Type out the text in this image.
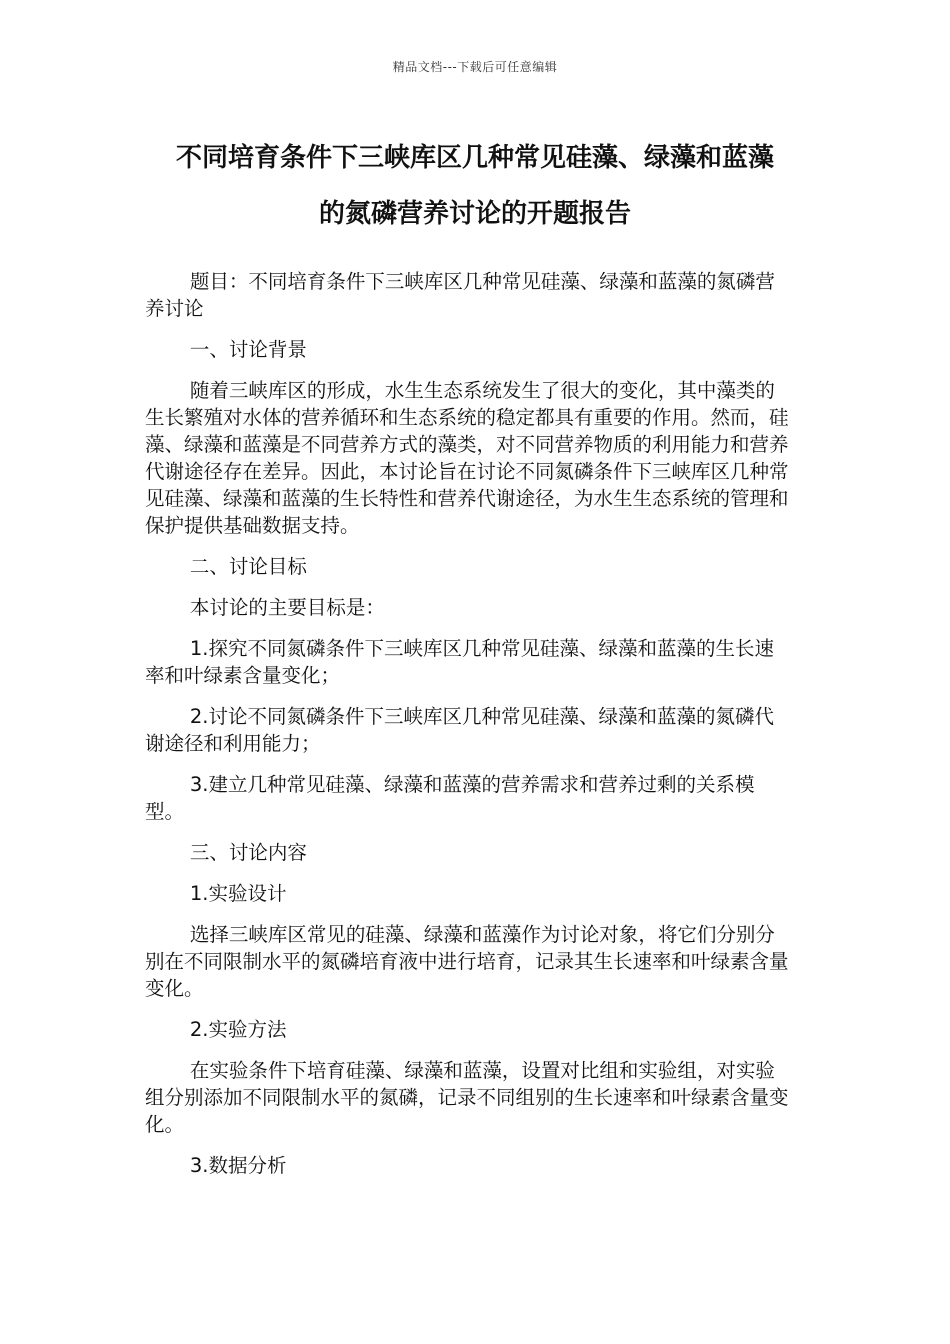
精品文档---下载后可任意编辑
不同培育条件下三峡库区几种常见硅藻、绿藻和蓝藻
的氮磷营养讨论的开题报告

题目：不同培育条件下三峡库区几种常见硅藻、绿藻和蓝藻的氮磷营养讨论

一、讨论背景

随着三峡库区的形成，水生生态系统发生了很大的变化，其中藻类的生长繁殖对水体的营养循环和生态系统的稳定都具有重要的作用。然而，硅藻、绿藻和蓝藻是不同营养方式的藻类，对不同营养物质的利用能力和营养代谢途径存在差异。因此，本讨论旨在讨论不同氮磷条件下三峡库区几种常见硅藻、绿藻和蓝藻的生长特性和营养代谢途径，为水生生态系统的管理和保护提供基础数据支持。

二、讨论目标

本讨论的主要目标是：

1.探究不同氮磷条件下三峡库区几种常见硅藻、绿藻和蓝藻的生长速率和叶绿素含量变化；

2.讨论不同氮磷条件下三峡库区几种常见硅藻、绿藻和蓝藻的氮磷代谢途径和利用能力；

3.建立几种常见硅藻、绿藻和蓝藻的营养需求和营养过剩的关系模型。

三、讨论内容

1.实验设计

选择三峡库区常见的硅藻、绿藻和蓝藻作为讨论对象，将它们分别分别在不同限制水平的氮磷培育液中进行培育，记录其生长速率和叶绿素含量变化。

2.实验方法

在实验条件下培育硅藻、绿藻和蓝藻，设置对比组和实验组，对实验组分别添加不同限制水平的氮磷，记录不同组别的生长速率和叶绿素含量变化。

3.数据分析
